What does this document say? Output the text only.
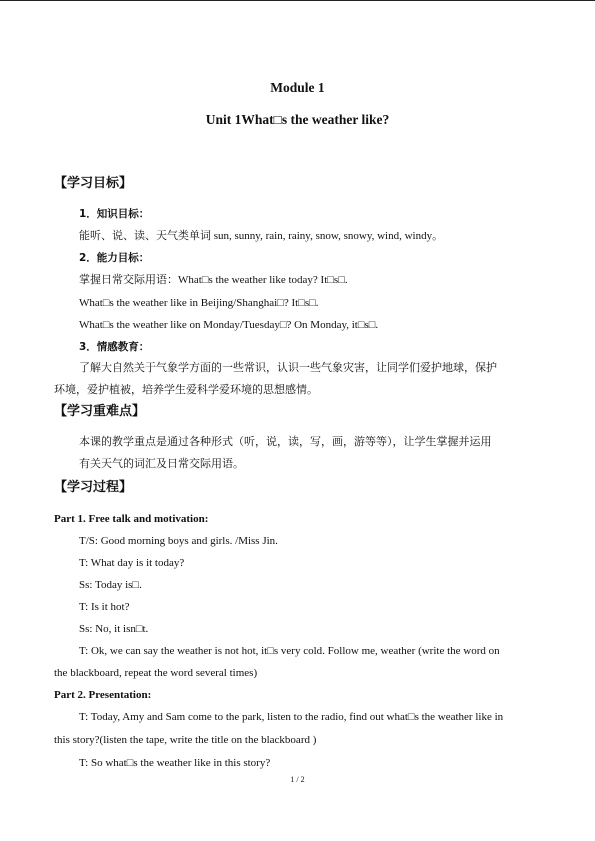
Module 1
Unit 1What□s the weather like?
【学习目标】
1．知识目标：
能听、说、读、天气类单词 sun, sunny, rain, rainy, snow, snowy, wind, windy。
2．能力目标：
掌握日常交际用语：What□s the weather like today? It□s□.
What□s the weather like in Beijing/Shanghai□? It□s□.
What□s the weather like on Monday/Tuesday□? On Monday, it□s□.
3．情感教育：
了解大自然关于气象学方面的一些常识，认识一些气象灾害，让同学们爱护地球，保护
环境，爱护植被，培养学生爱科学爱环境的思想感情。
【学习重难点】
本课的教学重点是通过各种形式（听，说，读，写，画，游等等），让学生掌握并运用
有关天气的词汇及日常交际用语。
【学习过程】
Part 1. Free talk and motivation:
T/S: Good morning boys and girls. /Miss Jin.
T: What day is it today?
Ss: Today is□.
T: Is it hot?
Ss: No, it isn□t.
T: Ok, we can say the weather is not hot, it□s very cold. Follow me, weather (write the word on
the blackboard, repeat the word several times)
Part 2. Presentation:
T: Today, Amy and Sam come to the park, listen to the radio, find out what□s the weather like in
this story?(listen the tape, write the title on the blackboard )
T: So what□s the weather like in this story?
1 / 2
